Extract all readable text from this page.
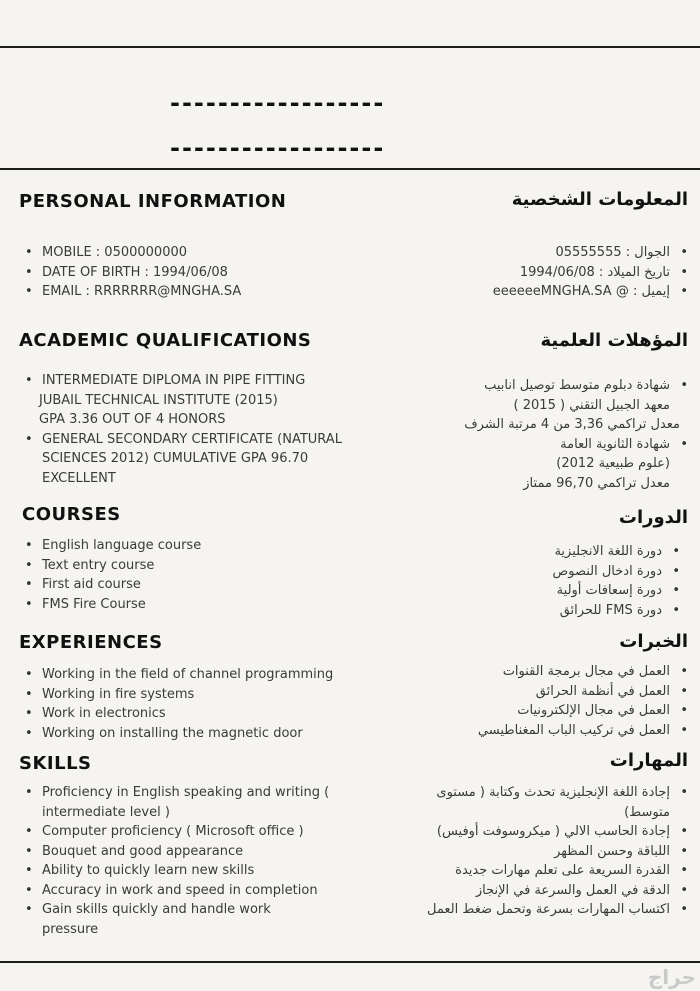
------------------
------------------
PERSONAL INFORMATION
• MOBILE : 0500000000
• DATE OF BIRTH : 1994/06/08
• EMAIL : RRRRRRR@MNGHA.SA
ACADEMIC QUALIFICATIONS
• INTERMEDIATE DIPLOMA IN PIPE FITTING
JUBAIL TECHNICAL INSTITUTE (2015)
GPA 3.36 OUT OF 4 HONORS
• GENERAL SECONDARY CERTIFICATE (NATURAL SCIENCES 2012) CUMULATIVE GPA 96.70 EXCELLENT
COURSES
• English language course
• Text entry course
• First aid course
• FMS Fire Course
EXPERIENCES
• Working in the field of channel programming
• Working in fire systems
• Work in electronics
• Working on installing the magnetic door
SKILLS
• Proficiency in English speaking and writing ( intermediate level )
• Computer proficiency ( Microsoft office )
• Bouquet and good appearance
• Ability to quickly learn new skills
• Accuracy in work and speed in completion
• Gain skills quickly and handle work pressure
المعلومات الشخصية
• الجوال : 05555555
• تاريخ الميلاد : 1994/06/08
• إيميل : @ eeeeeeMNGHA.SA
المؤهلات العلمية
• شهادة دبلوم متوسط توصيل انابيب
معهد الجبيل التقني ( 2015 )
معدل تراكمي 3,36 من 4 مرتبة الشرف
• شهادة الثانوية العامة
(علوم طبيعية 2012)
معدل تراكمي 96,70 ممتاز
الدورات
• دورة اللغة الانجليزية
• دورة ادخال النصوص
• دورة إسعافات أولية
• دورة FMS للحرائق
الخبرات
• العمل في مجال برمجة القنوات
• العمل في أنظمة الحرائق
• العمل في مجال الإلكترونيات
• العمل في تركيب الباب المغناطيسي
المهارات
• إجادة اللغة الإنجليزية تحدث وكتابة ( مستوى متوسط)
• إجادة الحاسب الالي ( ميكروسوفت أوفيس)
• اللباقة وحسن المظهر
• القدرة السريعة على تعلم مهارات جديدة
• الدقة في العمل والسرعة في الإنجاز
• اكتساب المهارات بسرعة وتحمل ضغط العمل
حراج
